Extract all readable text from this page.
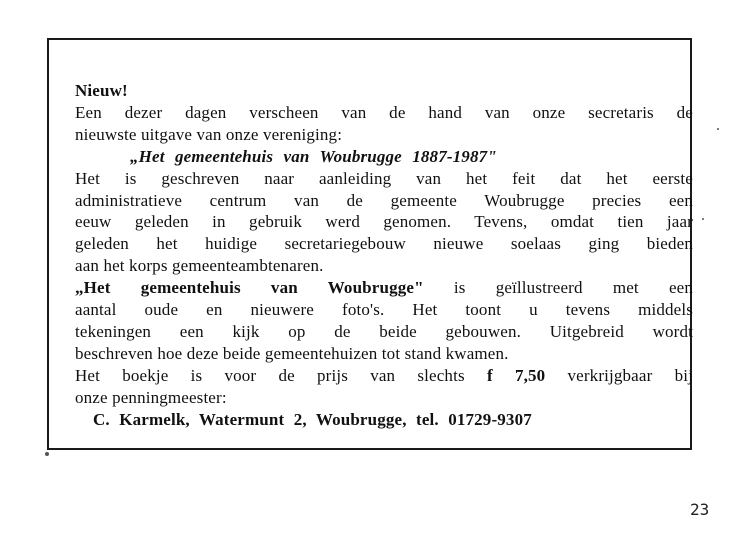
Nieuw!
Een dezer dagen verscheen van de hand van onze secretaris de
nieuwste uitgave van onze vereniging:
„Het gemeentehuis van Woubrugge 1887-1987"
Het is geschreven naar aanleiding van het feit dat het eerste
administratieve centrum van de gemeente Woubrugge precies een
eeuw geleden in gebruik werd genomen. Tevens, omdat tien jaar
geleden het huidige secretariegebouw nieuwe soelaas ging bieden
aan het korps gemeenteambtenaren.
„Het gemeentehuis van Woubrugge" is geïllustreerd met een
aantal oude en nieuwere foto's. Het toont u tevens middels
tekeningen een kijk op de beide gebouwen. Uitgebreid wordt
beschreven hoe deze beide gemeentehuizen tot stand kwamen.
Het boekje is voor de prijs van slechts f 7,50 verkrijgbaar bij
onze penningmeester:
C. Karmelk, Watermunt 2, Woubrugge, tel. 01729-9307
23
